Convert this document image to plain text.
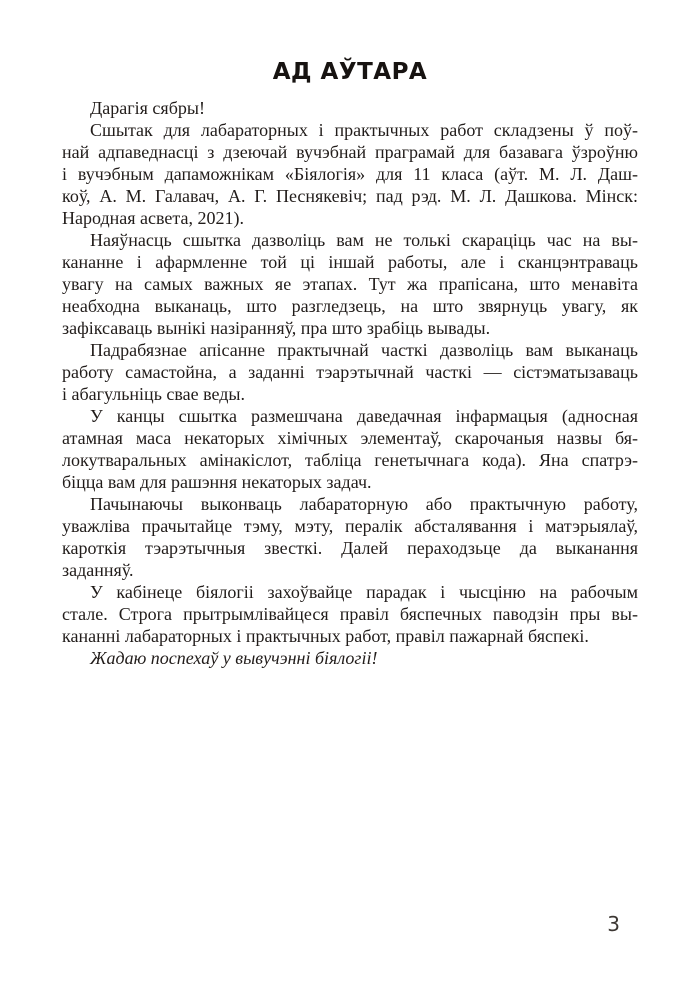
АД АЎТАРА
Дарагія сябры!
Сшытак для лабараторных і практычных работ складзены ў поў-
най адпаведнасці з дзеючай вучэбнай праграмай для базавага ўзроўню
і вучэбным дапаможнікам «Біялогія» для 11 класа (аўт. М. Л. Даш-
коў, А. М. Галавач, А. Г. Песнякевіч; пад рэд. М. Л. Дашкова. Мінск:
Народная асвета, 2021).
Наяўнасць сшытка дазволіць вам не толькі скараціць час на вы-
кананне і афармленне той ці іншай работы, але і сканцэнтраваць
увагу на самых важных яе этапах. Тут жа прапісана, што менавіта
неабходна выканаць, што разгледзець, на што звярнуць увагу, як
зафіксаваць вынікі назіранняў, пра што зрабіць вывады.
Падрабязнае апісанне практычнай часткі дазволіць вам выканаць
работу самастойна, а заданні тэарэтычнай часткі — сістэматызаваць
і абагульніць свае веды.
У канцы сшытка размешчана даведачная інфармацыя (адносная
атамная маса некаторых хімічных элементаў, скарочаныя назвы бя-
локутваральных амінакіслот, табліца генетычнага кода). Яна спатрэ-
біцца вам для рашэння некаторых задач.
Пачынаючы выконваць лабараторную або практычную работу,
уважліва прачытайце тэму, мэту, пералік абсталявання і матэрыялаў,
кароткія тэарэтычныя звесткі. Далей пераходзьце да выканання
заданняў.
У кабінеце біялогіі захоўвайце парадак і чысціню на рабочым
стале. Строга прытрымлівайцеся правіл бяспечных паводзін пры вы-
кананні лабараторных і практычных работ, правіл пажарнай бяспекі.
Жадаю поспехаў у вывучэнні біялогіі!
3
